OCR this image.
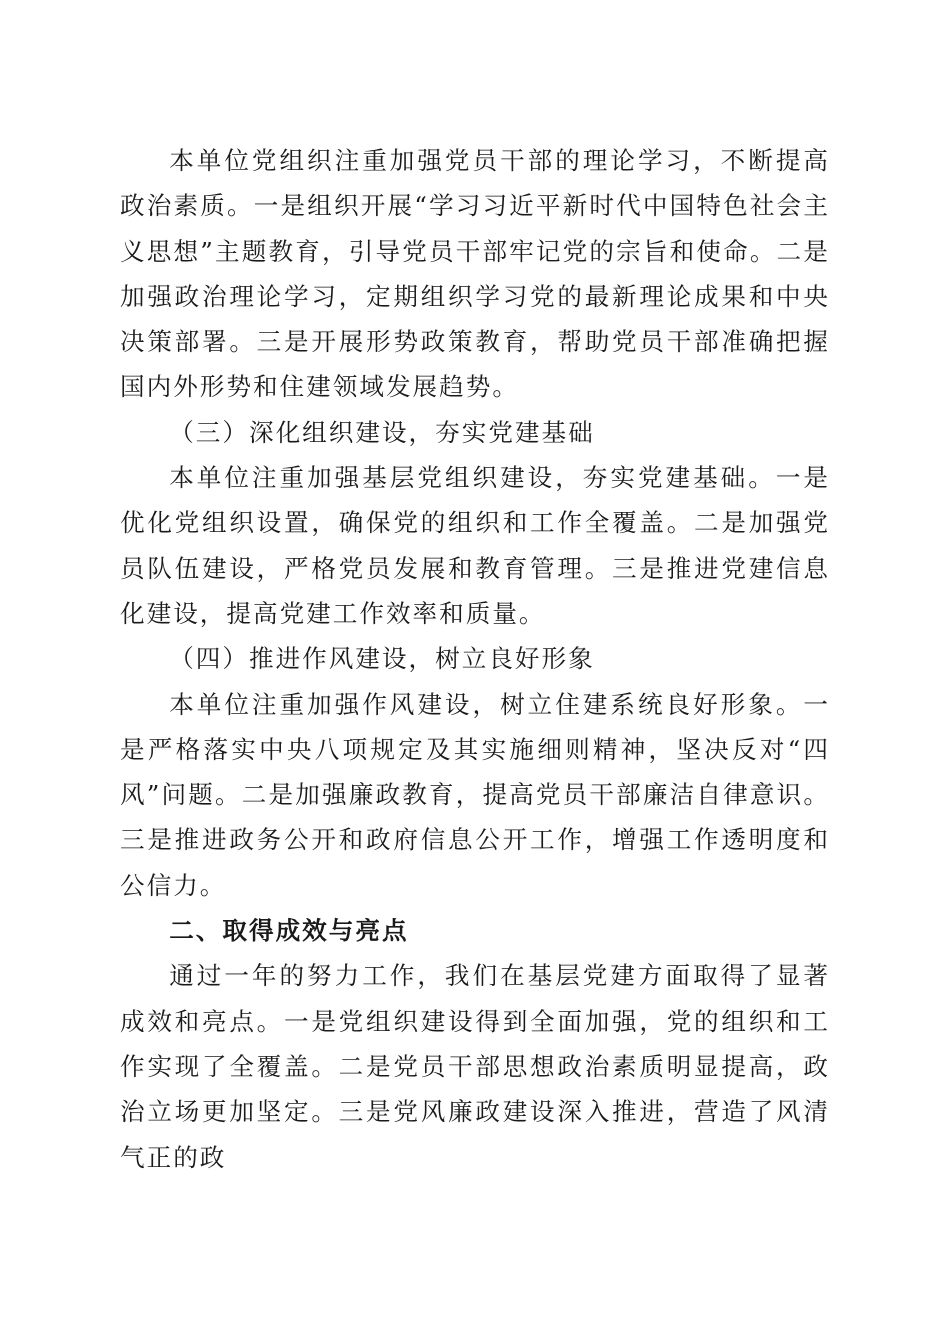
本单位党组织注重加强党员干部的理论学习，不断提高政治素质。一是组织开展“学习习近平新时代中国特色社会主义思想”主题教育，引导党员干部牢记党的宗旨和使命。二是加强政治理论学习，定期组织学习党的最新理论成果和中央决策部署。三是开展形势政策教育，帮助党员干部准确把握国内外形势和住建领域发展趋势。

（三）深化组织建设，夯实党建基础

本单位注重加强基层党组织建设，夯实党建基础。一是优化党组织设置，确保党的组织和工作全覆盖。二是加强党员队伍建设，严格党员发展和教育管理。三是推进党建信息化建设，提高党建工作效率和质量。

（四）推进作风建设，树立良好形象

本单位注重加强作风建设，树立住建系统良好形象。一是严格落实中央八项规定及其实施细则精神，坚决反对“四风”问题。二是加强廉政教育，提高党员干部廉洁自律意识。三是推进政务公开和政府信息公开工作，增强工作透明度和公信力。

二、取得成效与亮点

通过一年的努力工作，我们在基层党建方面取得了显著成效和亮点。一是党组织建设得到全面加强，党的组织和工作实现了全覆盖。二是党员干部思想政治素质明显提高，政治立场更加坚定。三是党风廉政建设深入推进，营造了风清气正的政
